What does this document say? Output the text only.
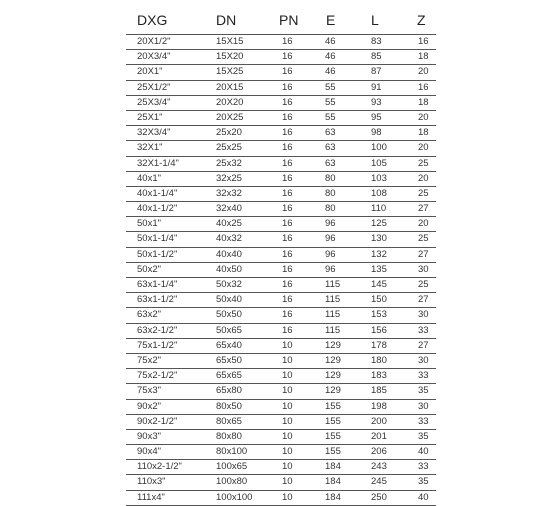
DXG	DN	PN E	L	Z
20X1/2"	15X15	16	46	83	16
20X3/4"	15X20	16	46	85	18
20X1"	15X25	16	46	87	20
25X1/2"	20X15	16	55	91	16
25X3/4"	20X20	16	55	93	18
25X1"	20X25	16	55	95	20
32X3/4"	25x20	16	63	98	18
32X1"	25x25	16	63	100	20
32X1-1/4"	25x32	16	63	105	25
40x1"	32x25	16	80	103	20
40x1-1/4"	32x32	16	80	108	25
40x1-1/2"	32x40	16	80	110	27
50x1"	40x25	16	96	125	20
50x1-1/4"	40x32	16	96	130	25
50x1-1/2"	40x40	16	96	132	27
50x2"	40x50	16	96	135	30
63x1-1/4"	50x32	16	115	145	25
63x1-1/2"	50x40	16	115	150	27
63x2"	50x50	16	115	153	30
63x2-1/2"	50x65	16	115	156	33
75x1-1/2"	65x40	10	129	178	27
75x2"	65x50	10	129	180	30
75x2-1/2"	65x65	10	129	183	33
75x3"	65x80	10	129	185	35
90x2"	80x50	10	155	198	30
90x2-1/2"	80x65	10	155	200	33
90x3"	80x80	10	155	201	35
90x4"	80x100	10	155	206	40
110x2-1/2"	100x65	10	184	243	33
110x3"	100x80	10	184	245	35
111x4"	100x100	10	184	250	40
